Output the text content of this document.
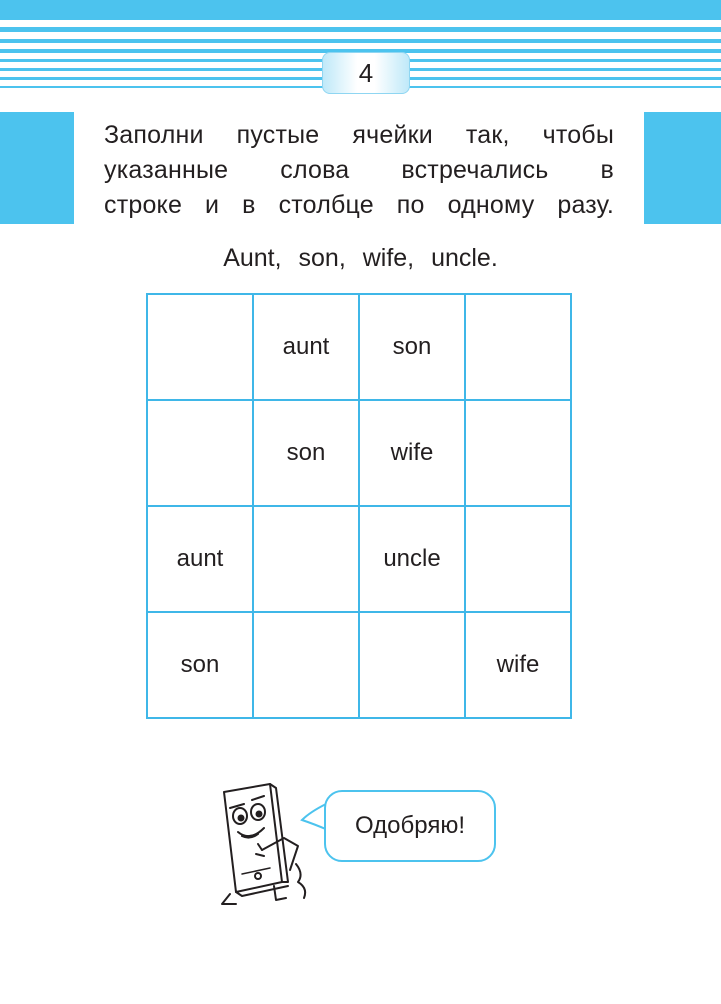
4
Заполни пустые ячейки так, чтобы
указанные слова встречались в
строке и в столбце по одному разу.
Aunt, son, wife, uncle.
	aunt	son	
	son	wife	
aunt		uncle	
son			wife
Одобряю!
